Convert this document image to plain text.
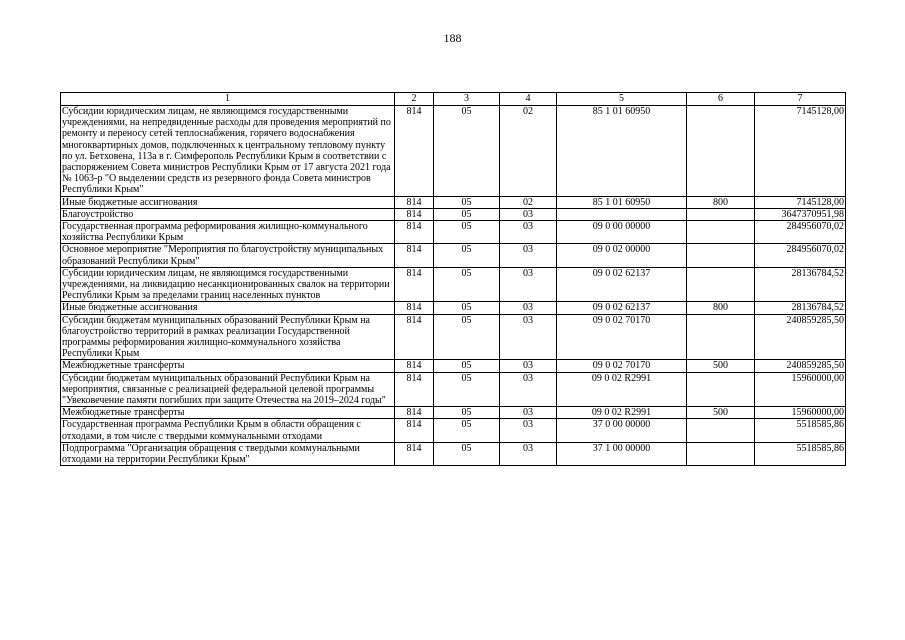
188
1	2	3	4	5	6	7
Субсидии юридическим лицам, не являющимся государственными учреждениями, на непредвиденные расходы для проведения мероприятий по ремонту и переносу сетей теплоснабжения, горячего водоснабжения многоквартирных домов, подключенных к центральному тепловому пункту по ул. Бетховена, 113а в г. Симферополь Республики Крым в соответствии с распоряжением Совета министров Республики Крым от 17 августа 2021 года № 1063-р "О выделении средств из резервного фонда Совета министров Республики Крым"	814	05	02	85 1 01 60950		7145128,00
Иные бюджетные ассигнования	814	05	02	85 1 01 60950	800	7145128,00
Благоустройство	814	05	03			3647370951,98
Государственная программа реформирования жилищно-коммунального хозяйства Республики Крым	814	05	03	09 0 00 00000		284956070,02
Основное мероприятие "Мероприятия по благоустройству муниципальных образований Республики Крым"	814	05	03	09 0 02 00000		284956070,02
Субсидии юридическим лицам, не являющимся государственными учреждениями, на ликвидацию несанкционированных свалок на территории Республики Крым за пределами границ населенных пунктов	814	05	03	09 0 02 62137		28136784,52
Иные бюджетные ассигнования	814	05	03	09 0 02 62137	800	28136784,52
Субсидии бюджетам муниципальных образований Республики Крым на благоустройство территорий в рамках реализации Государственной программы реформирования жилищно-коммунального хозяйства Республики Крым	814	05	03	09 0 02 70170		240859285,50
Межбюджетные трансферты	814	05	03	09 0 02 70170	500	240859285,50
Субсидии бюджетам муниципальных образований Республики Крым на мероприятия, связанные с реализацией федеральной целевой программы "Увековечение памяти погибших при защите Отечества на 2019–2024 годы"	814	05	03	09 0 02 R2991		15960000,00
Межбюджетные трансферты	814	05	03	09 0 02 R2991	500	15960000,00
Государственная программа Республики Крым в области обращения с отходами, в том числе с твердыми коммунальными отходами	814	05	03	37 0 00 00000		5518585,86
Подпрограмма "Организация обращения с твердыми коммунальными отходами на территории Республики Крым"	814	05	03	37 1 00 00000		5518585,86
